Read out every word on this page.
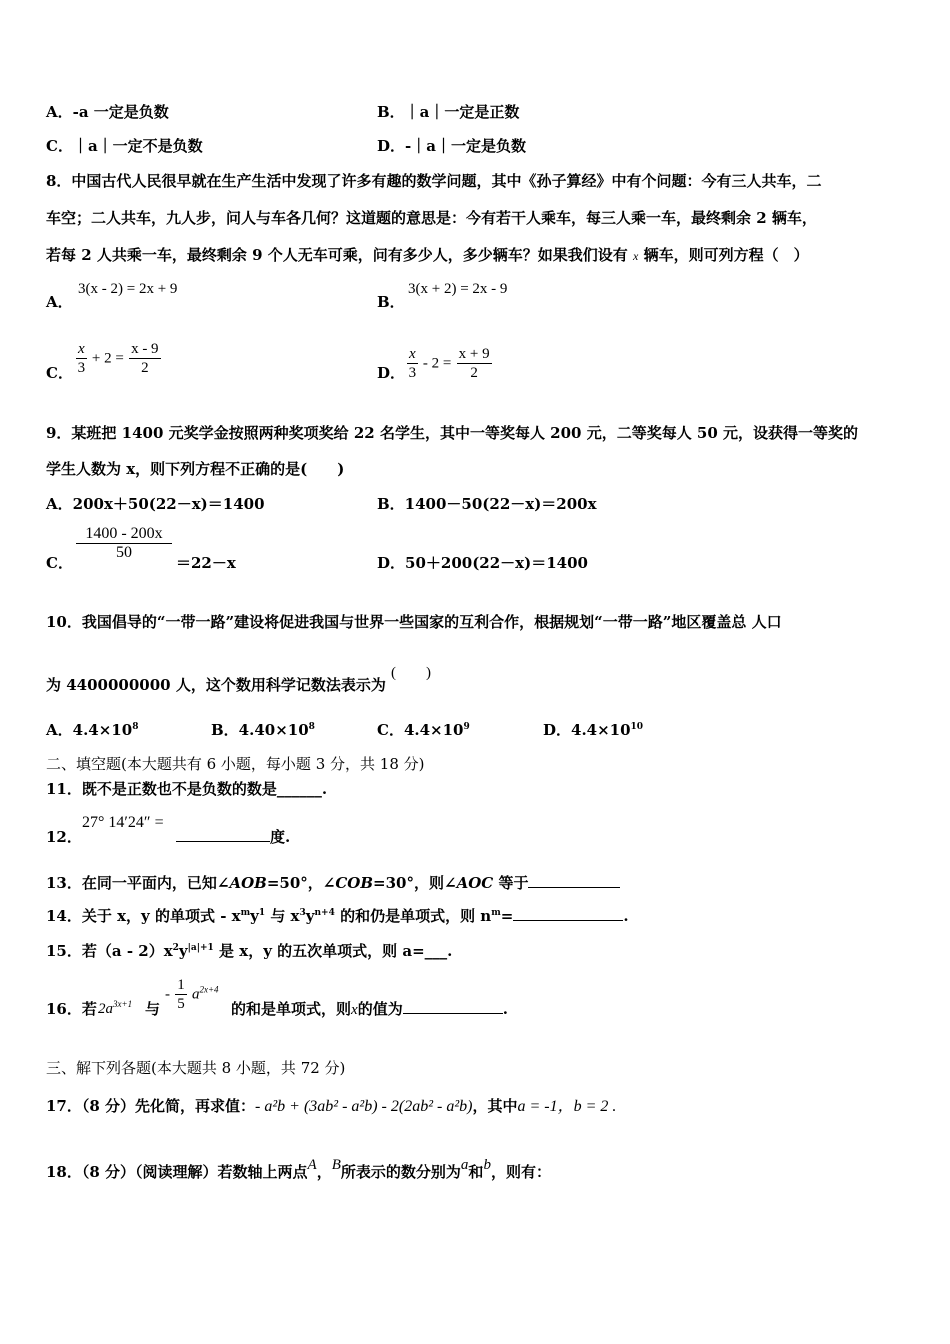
A．-a 一定是负数	B．｜a｜一定是正数
C．｜a｜一定不是负数	D．-｜a｜一定是负数
8．中国古代人民很早就在生产生活中发现了许多有趣的数学问题，其中《孙子算经》中有个问题：今有三人共车，二
车空；二人共车，九人步，问人与车各几何？这道题的意思是：今有若干人乘车，每三人乘一车，最终剩余 2 辆车，
若每 2 人共乘一车，最终剩余 9 个人无车可乘，问有多少人，多少辆车？如果我们设有 x 辆车，则可列方程（　）
A．
3(x - 2) = 2x + 9
B．
3(x + 2) = 2x - 9
C． $\frac{x}{3} + 2 = \frac{x - 9}{2}$	D． $\frac{x}{3} - 2 = \frac{x + 9}{2}$
9．某班把 1400 元奖学金按照两种奖项奖给 22 名学生，其中一等奖每人 200 元，二等奖每人 50 元，设获得一等奖的
学生人数为 x，则下列方程不正确的是(　　)
A．200x＋50(22－x)＝1400	B．1400－50(22－x)＝200x
C．
$\frac{1400 - 200x}{50}$
＝22－x	D．50＋200(22－x)＝1400
10．我国倡导的“一带一路”建设将促进我国与世界一些国家的互利合作，根据规划“一带一路”地区覆盖总 人口
为 4400000000 人，这个数用科学记数法表示为
(　　)
A．$4.4\times 10^8$	B．$4.40\times 10^8$	C．$4.4\times 10^9$	D．$4.4\times 10^{10}$
二、填空题(本大题共有 6 小题，每小题 3 分，共 18 分)
11．既不是正数也不是负数的数是______.
12．
27° 14′24″ =
度.
13．在同一平面内，已知∠AOB=50°，∠COB=30°，则∠AOC 等于
14．关于 x，y 的单项式 - $x^my^1$ 与 $x^3y^{n+4}$ 的和仍是单项式，则 $n^m=$	.
15．若$(a - 2)x^2y^{|a|+1}$ 是 x，y 的五次单项式，则 a=___.
16．若 $2a^{3x+1}$ 与
- $\frac{1}{5} a^{2x+4}$
的和是单项式，则x的值为	.
三、解下列各题(本大题共 8 小题，共 72 分)
17．（8 分）先化简，再求值：- a²b + (3ab² - a²b) - 2(2ab² - a²b)，其中a = -1，b = 2 .
18．（8 分）（阅读理解）若数轴上两点A，B所表示的数分别为a和b，则有：
